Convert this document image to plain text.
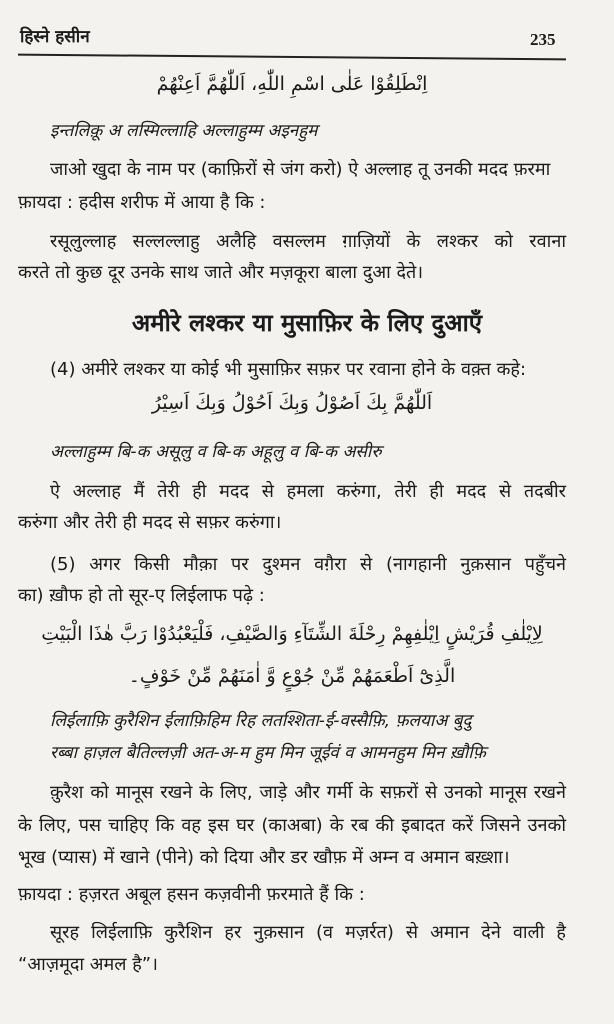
हिस्ने हसीन	235
اِنْطَلِقُوْا عَلٰى اسْمِ اللّٰهِ، اَللّٰهُمَّ اَعِنْهُمْ
इन्तलिक़ू अ लस्मिल्लाहि अल्लाहुम्म अइनहुम
जाओ खुदा के नाम पर (काफ़िरों से जंग करो) ऐ अल्लाह तू उनकी मदद फ़रमा
फ़ायदा : हदीस शरीफ में आया है कि :
रसूलुल्लाह सल्लल्लाहु अलैहि वसल्लम ग़ाज़ियों के लश्कर को रवाना
करते तो कुछ दूर उनके साथ जाते और मज़कूरा बाला दुआ देते।
अमीरे लश्कर या मुसाफ़िर के लिए दुआएँ
(4) अमीरे लश्कर या कोई भी मुसाफ़िर सफ़र पर रवाना होने के वक़्त कहे:
اَللّٰهُمَّ بِكَ اَصُوْلُ وَبِكَ اَحُوْلُ وَبِكَ اَسِيْرُ
अल्लाहुम्म बि-क असूलु व बि-क अहूलु व बि-क असीरु
ऐ अल्लाह मैं तेरी ही मदद से हमला करुंगा, तेरी ही मदद से तदबीर
करुंगा और तेरी ही मदद से सफ़र करुंगा।
(5) अगर किसी मौक़ा पर दुश्मन वग़ैरा से (नागहानी नुक़सान पहुँचने
का) ख़ौफ हो तो सूर-ए लिईलाफ पढ़े :
لِاِيْلٰفِ قُرَيْشٍ اِيْلٰفِهِمْ رِحْلَةَ الشِّتَآءِ وَالصَّيْفِ، فَلْيَعْبُدُوْا رَبَّ هٰذَا الْبَيْتِ
الَّذِىْٓ اَطْعَمَهُمْ مِّنْ جُوْعٍ وَّ اٰمَنَهُمْ مِّنْ خَوْفٍ۔
लिईलाफ़ि कुरैशिन ईलाफ़िहिम रिह लतश्शिता-ई-वस्सैफ़ि, फ़लयाअ बुदु
रब्बा हाज़ल बैतिल्लज़ी अत-अ-म हुम मिन जूईवं व आमनहुम मिन ख़ौफ़ि
क़ुरैश को मानूस रखने के लिए, जाड़े और गर्मी के सफ़रों से उनको मानूस रखने
के लिए, पस चाहिए कि वह इस घर (काअबा) के रब की इबादत करें जिसने उनको
भूख (प्यास) में खाने (पीने) को दिया और डर खौफ़ में अम्न व अमान बख़्शा।
फ़ायदा : हज़रत अबूल हसन कज़वीनी फ़रमाते हैं कि :
सूरह लिईलाफ़ि कुरैशिन हर नुक़सान (व मज़र्रत) से अमान देने वाली है
“आज़मूदा अमल है”।
